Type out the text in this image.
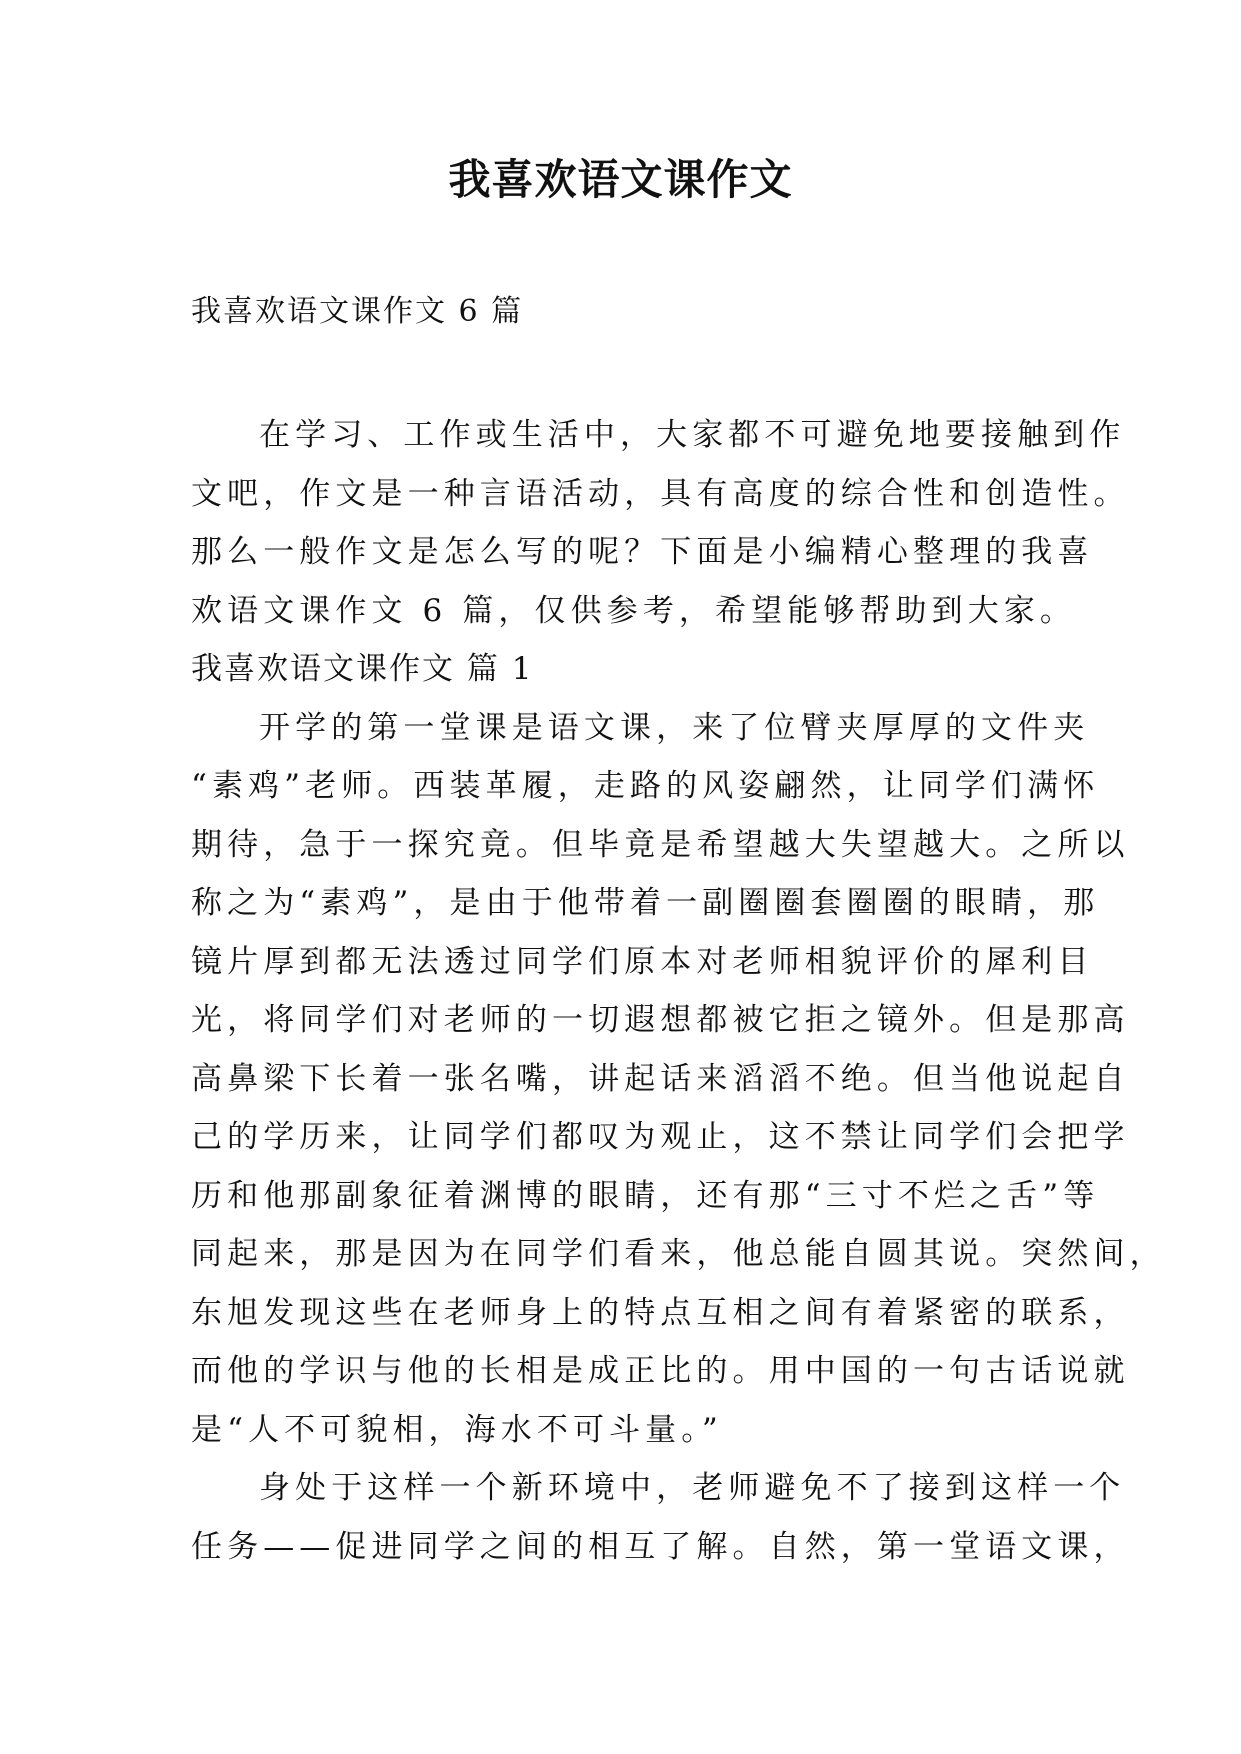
我喜欢语文课作文

我喜欢语文课作文 6 篇

在学习、工作或生活中，大家都不可避免地要接触到作
文吧，作文是一种言语活动，具有高度的综合性和创造性。
那么一般作文是怎么写的呢？下面是小编精心整理的我喜
欢语文课作文 6 篇，仅供参考，希望能够帮助到大家。
我喜欢语文课作文 篇 1
开学的第一堂课是语文课，来了位臂夹厚厚的文件夹
“素鸡”老师。西装革履，走路的风姿翩然，让同学们满怀
期待，急于一探究竟。但毕竟是希望越大失望越大。之所以
称之为“素鸡”，是由于他带着一副圈圈套圈圈的眼睛，那
镜片厚到都无法透过同学们原本对老师相貌评价的犀利目
光，将同学们对老师的一切遐想都被它拒之镜外。但是那高
高鼻梁下长着一张名嘴，讲起话来滔滔不绝。但当他说起自
己的学历来，让同学们都叹为观止，这不禁让同学们会把学
历和他那副象征着渊博的眼睛，还有那“三寸不烂之舌”等
同起来，那是因为在同学们看来，他总能自圆其说。突然间，
东旭发现这些在老师身上的特点互相之间有着紧密的联系，
而他的学识与他的长相是成正比的。用中国的一句古话说就
是“人不可貌相，海水不可斗量。”
身处于这样一个新环境中，老师避免不了接到这样一个
任务——促进同学之间的相互了解。自然，第一堂语文课，
